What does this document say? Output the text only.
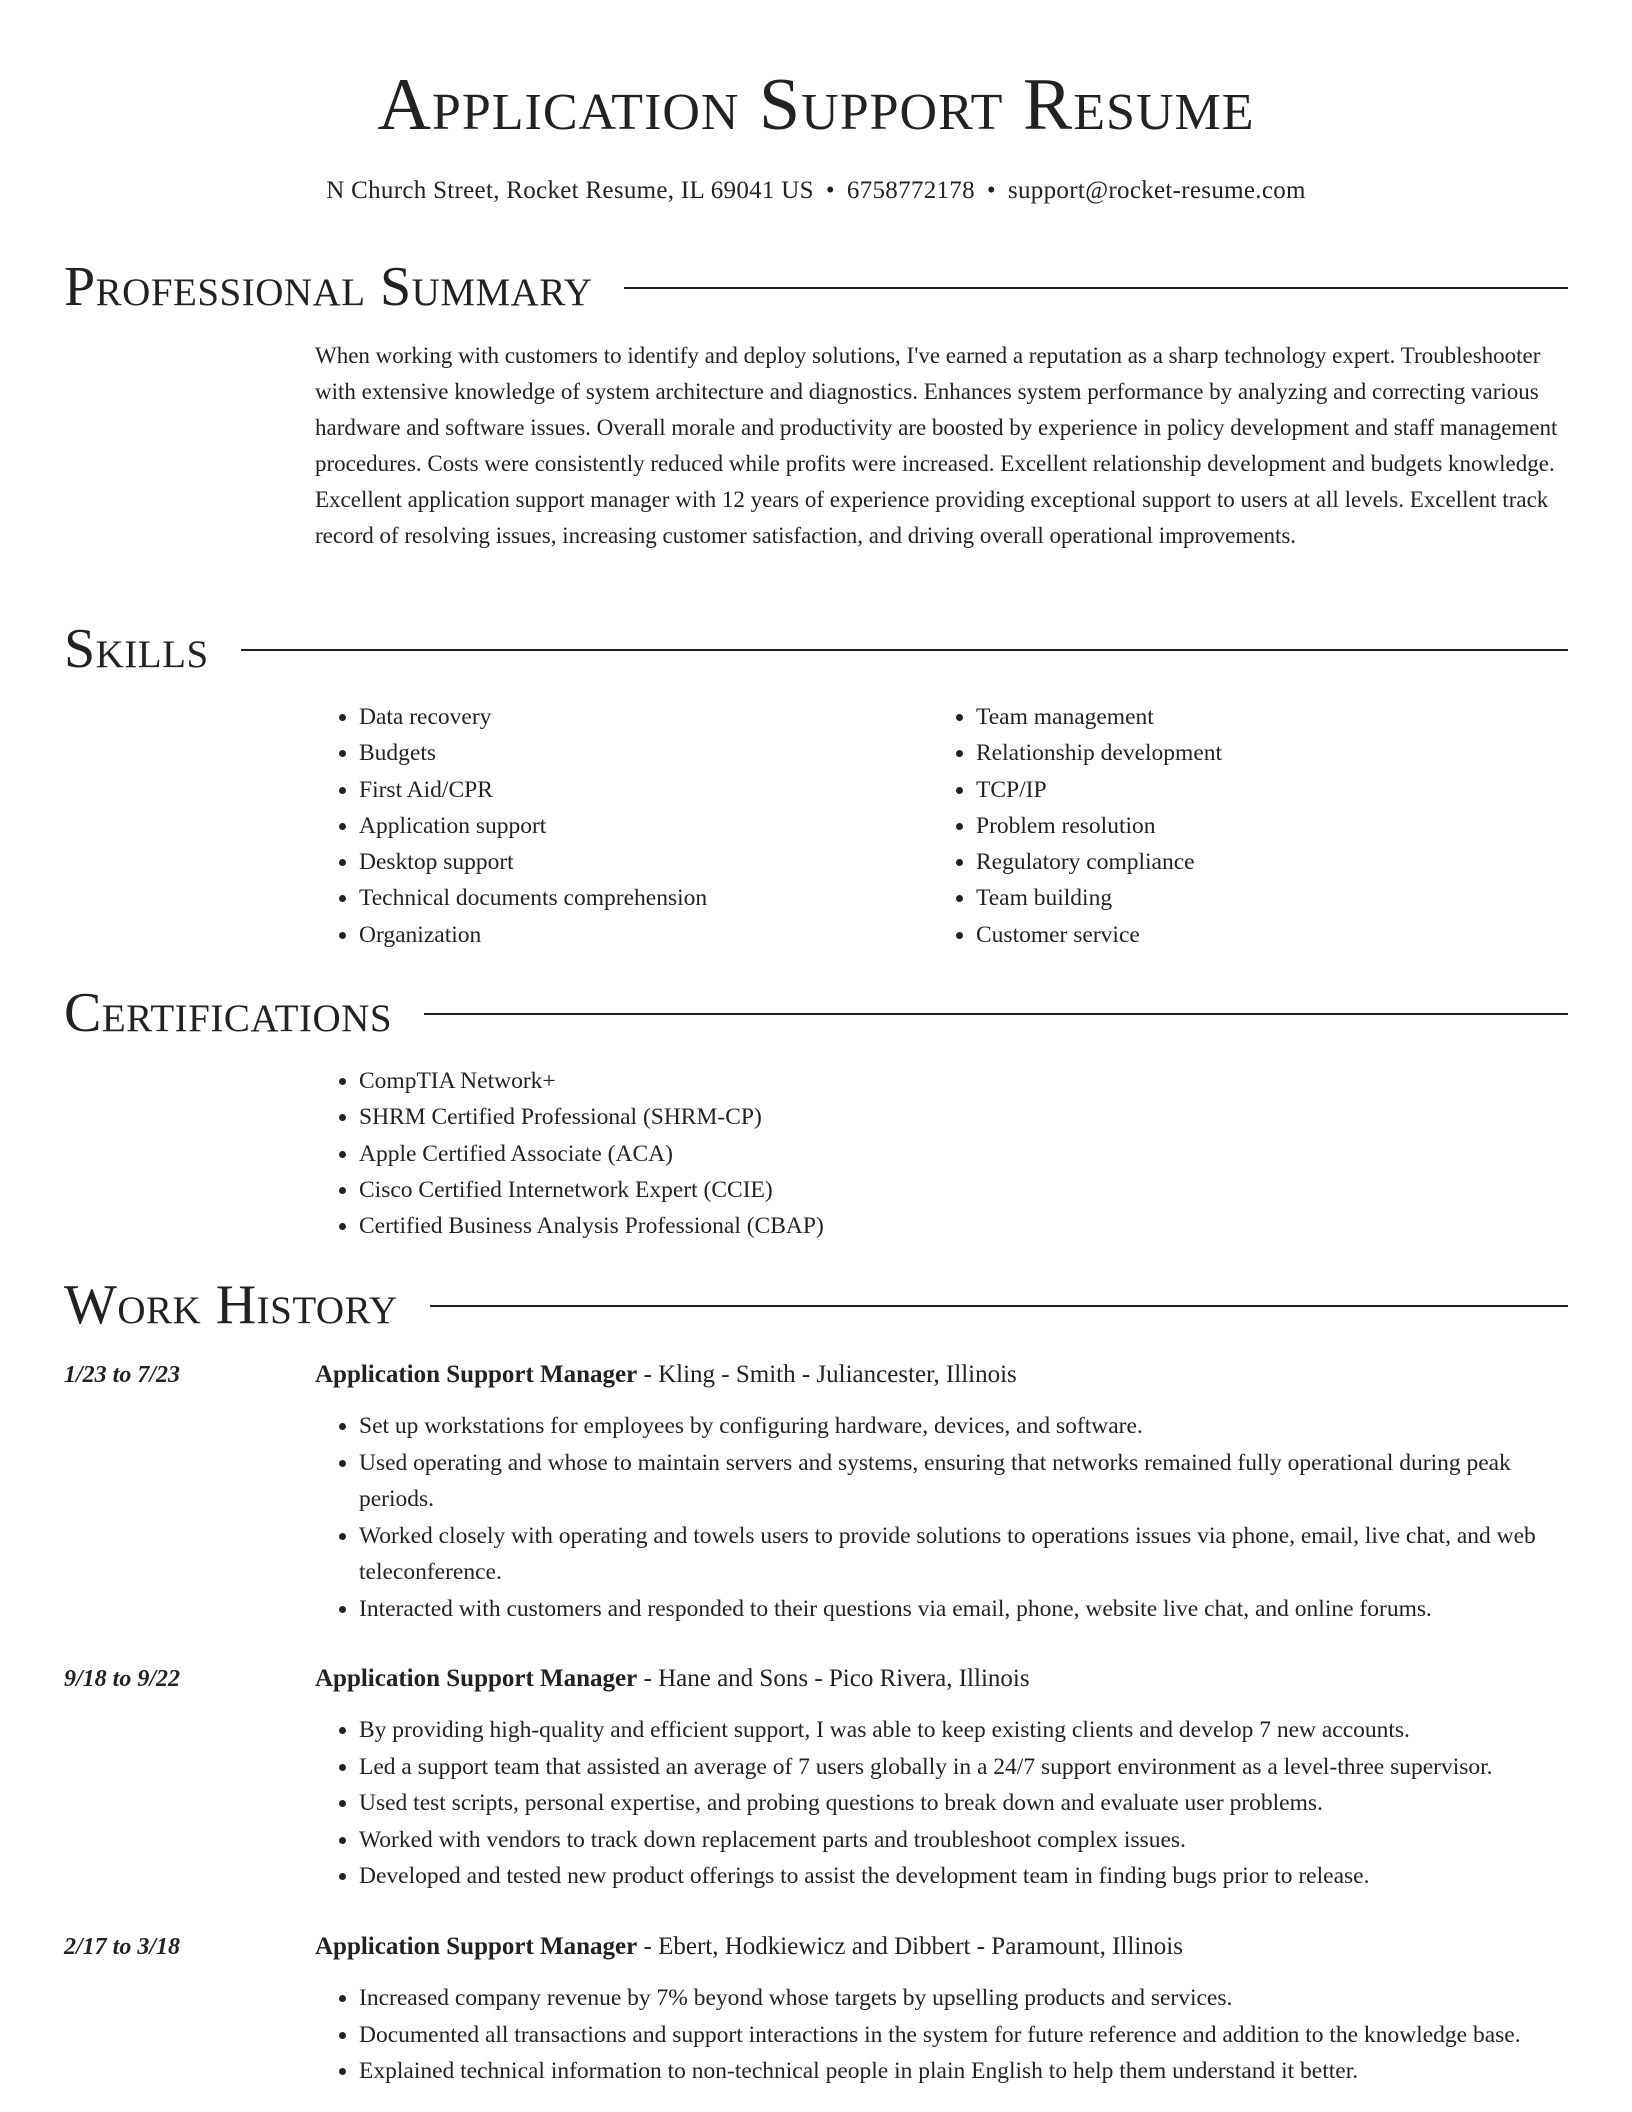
Application Support Resume
N Church Street, Rocket Resume, IL 69041 US • 6758772178 • support@rocket-resume.com
Professional Summary

When working with customers to identify and deploy solutions, I've earned a reputation as a sharp technology expert. Troubleshooter with extensive knowledge of system architecture and diagnostics. Enhances system performance by analyzing and correcting various hardware and software issues. Overall morale and productivity are boosted by experience in policy development and staff management procedures. Costs were consistently reduced while profits were increased. Excellent relationship development and budgets knowledge. Excellent application support manager with 12 years of experience providing exceptional support to users at all levels. Excellent track record of resolving issues, increasing customer satisfaction, and driving overall operational improvements.

Skills
• Data recovery
• Budgets
• First Aid/CPR
• Application support
• Desktop support
• Technical documents comprehension
• Organization
• Team management
• Relationship development
• TCP/IP
• Problem resolution
• Regulatory compliance
• Team building
• Customer service
Certifications
• CompTIA Network+
• SHRM Certified Professional (SHRM-CP)
• Apple Certified Associate (ACA)
• Cisco Certified Internetwork Expert (CCIE)
• Certified Business Analysis Professional (CBAP)
Work History
1/23 to 7/23	Application Support Manager - Kling - Smith - Juliancester, Illinois
• Set up workstations for employees by configuring hardware, devices, and software.
• Used operating and whose to maintain servers and systems, ensuring that networks remained fully operational during peak periods.
• Worked closely with operating and towels users to provide solutions to operations issues via phone, email, live chat, and web teleconference.
• Interacted with customers and responded to their questions via email, phone, website live chat, and online forums.
9/18 to 9/22	Application Support Manager - Hane and Sons - Pico Rivera, Illinois
• By providing high-quality and efficient support, I was able to keep existing clients and develop 7 new accounts.
• Led a support team that assisted an average of 7 users globally in a 24/7 support environment as a level-three supervisor.
• Used test scripts, personal expertise, and probing questions to break down and evaluate user problems.
• Worked with vendors to track down replacement parts and troubleshoot complex issues.
• Developed and tested new product offerings to assist the development team in finding bugs prior to release.
2/17 to 3/18	Application Support Manager - Ebert, Hodkiewicz and Dibbert - Paramount, Illinois
• Increased company revenue by 7% beyond whose targets by upselling products and services.
• Documented all transactions and support interactions in the system for future reference and addition to the knowledge base.
• Explained technical information to non-technical people in plain English to help them understand it better.
